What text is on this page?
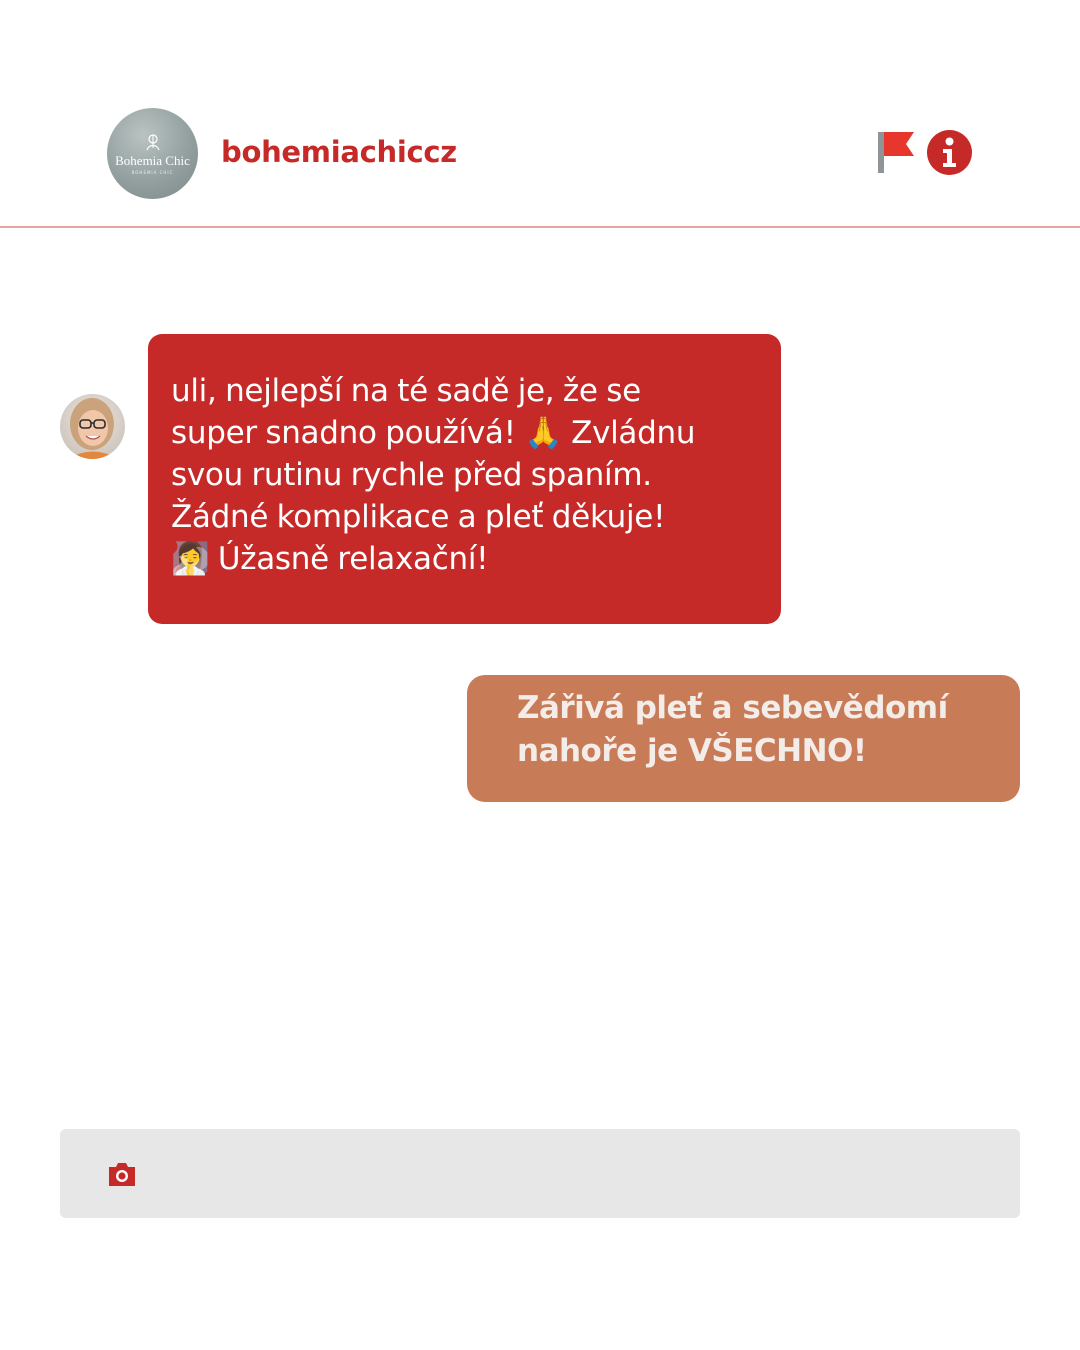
Bohemia Chic
BOHEMIA CHIC
bohemiachiccz

uli, nejlepší na té sadě je, že se
super snadno používá! 🙏 Zvládnu
svou rutinu rychle před spaním.
Žádné komplikace a pleť děkuje!
🧖‍♀️ Úžasně relaxační!

Zářivá pleť a sebevědomí
nahoře je VŠECHNO!
